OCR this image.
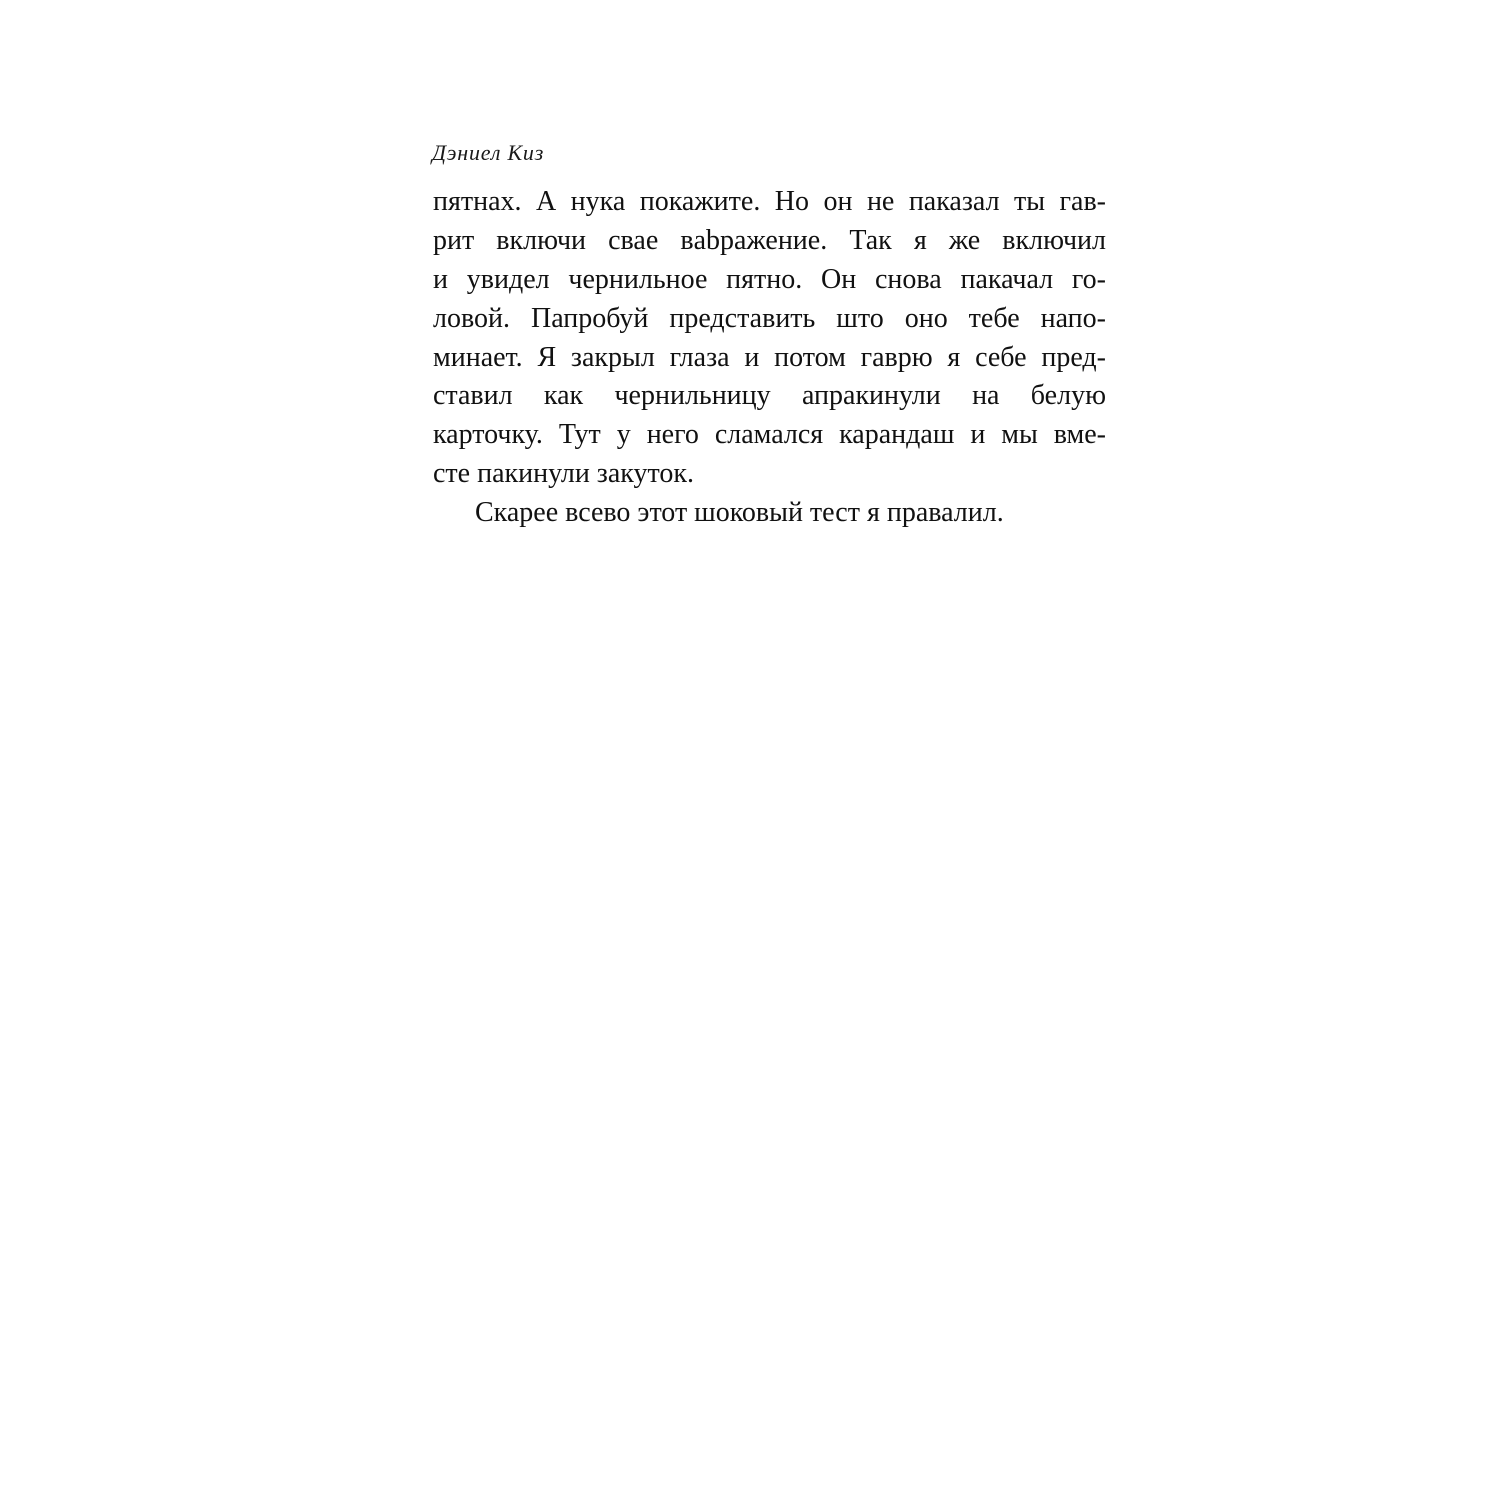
Дэниел Киз
пятнах. А нука покажите. Но он не паказал ты гав-
рит включи свае вabражение. Так я же включил
и увидел чернильное пятно. Он снова пакачал го-
ловой. Папробуй представить што оно тебе напо-
минает. Я закрыл глаза и потом гаврю я себе пред-
ставил как чернильницу апракинули на белую
карточку. Тут у него сламался карандаш и мы вме-
сте пакинули закуток.
Скарее всево этот шоковый тест я правалил.
